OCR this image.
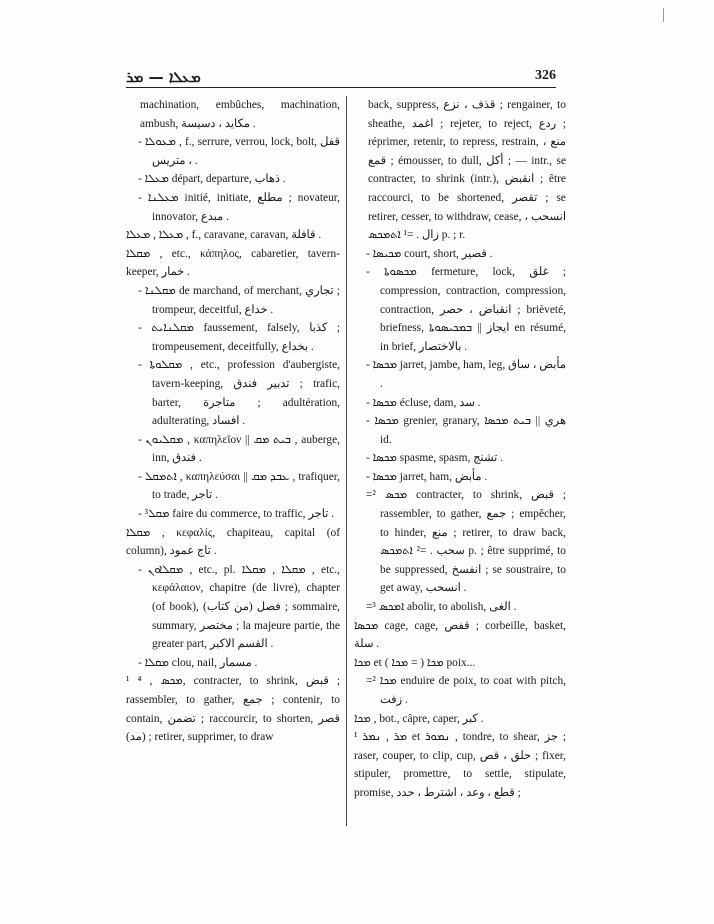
ܡܥܠܐ — ܡܪ	326

machination, embûches, machination, ambush, مكايد ، دسيسة .

- ܡܥܘܠܐ , f., serrure, verrou, lock, bolt, قفل ، متريس .

- ܡܥܠܐ départ, departure, ذهاب .

- ܡܥܠܢܐ initié, initiate, مطلع ; novateur, innovator, مبدع .

ܡܥܠܐ , ܡܥܠܐ , f., caravane, caravan, قافلة .

ܡܩܠܐ , etc., κάπηλος, cabaretier, tavern-keeper, خمار .

- ܡܩܠܢܐ de marchand, of merchant, تجاري ; trompeur, deceitful, خداع .

- ܡܩܠܢܐܝܬ faussement, falsely, كذبا ; trompeusement, deceitfully, بخداع .

- ܡܩܠܘܬܐ , etc., profession d'aubergiste, tavern-keeping, تدبير فندق ; trafic, barter, متاجرة ; adultération, adulterating, افساد .

- ܡܩܠܝܘܢ , καπηλεῖον || ܒܝܬ ܡܩ , auberge, inn, فندق .

- ܐܬܡܩܠ , καπηλεύσαι || ܥܒܕ ܡܩ , trafiquer, to trade, تاجر .

- ܡܩܠ³ faire du commerce, to traffic, تاجر .

ܡܩܠܐ , κεφαλίς, chapiteau, capital (of column), تاج عمود .

- ܡܩܠܐܘܢ , etc., pl. ܡܩܠܐ , ܡܩܠܐ , etc., κεφάλαιον, chapitre (de livre), chapter (of book), فصل (من كتاب) ; sommaire, summary, مختصر ; la majeure partie, the greater part, القسم الاكبر .

- ܡܩܠܐ clou, nail, مسمار .

¹ ܡܟܣ , ⁴, contracter, to shrink, قبض ; rassembler, to gather, جمع ; contenir, to contain, تضمن ; raccourcir, to shorten, قصر (مد) ; retirer, supprimer, to draw

back, suppress, قذف ، نزع ; rengainer, to sheathe, اغمد ; rejeter, to reject, ردع ; réprimer, retenir, to repress, restrain, منع ، قمع ; émousser, to dull, أكل ; — intr., se contracter, to shrink (intr.), انقبض ; être raccourci, to be shortened, تقصر ; se retirer, cesser, to withdraw, cease, انسحب ، زال . =¹ ܐܬܡܟܣ p. ; r.

- ܡܟܝܣܐ court, short, قصير .

- ܡܟܣܘܬܐ fermeture, lock, غلق ; compression, contraction, compression, contraction, انقباض ، حصر ; brièveté, briefness, ايجاز || ܒܡܟܝܣܘܬܐ en résumé, in brief, بالاختصار .

- ܡܟܣܐ jarret, jambe, ham, leg, مأبض ، ساق .

- ܡܟܣܐ écluse, dam, سد .

- ܡܟܣܐ grenier, granary, هري || ܒܝܬ ܡܟܣܐ id.

- ܡܟܣܐ spasme, spasm, تشنج .

- ܡܟܣܐ jarret, ham, مأبض .

=² ܡܟܣ contracter, to shrink, قبض ; rassembler, to gather, جمع ; empêcher, to hinder, منع ; retirer, to draw back, سحب . =² ܐܬܡܟܣ p. ; être supprimé, to be suppressed, انفسخ ; se soustraire, to get away, انسحب .

=³ ܐܡܟܣ abolir, to abolish, الغى .

ܡܟܣܐ cage, cage, قفص ; corbeille, basket, سلة .

ܡܟܐ et ܡܟܐ ( = ܡܟܐ ) poix...

=² ܡܟܐ enduire de poix, to coat with pitch, زفت .

ܡܟܐ , bot., câpre, caper, كبر .

¹ ܡܪ , ܢܡܪ et ܢܡܘܪ , tondre, to shear, جز ; raser, couper, to clip, cup, حلق ، قص ; fixer, stipuler, promettre, to settle, stipulate, promise, قطع ، وعد ، اشترط ، حدد ;
